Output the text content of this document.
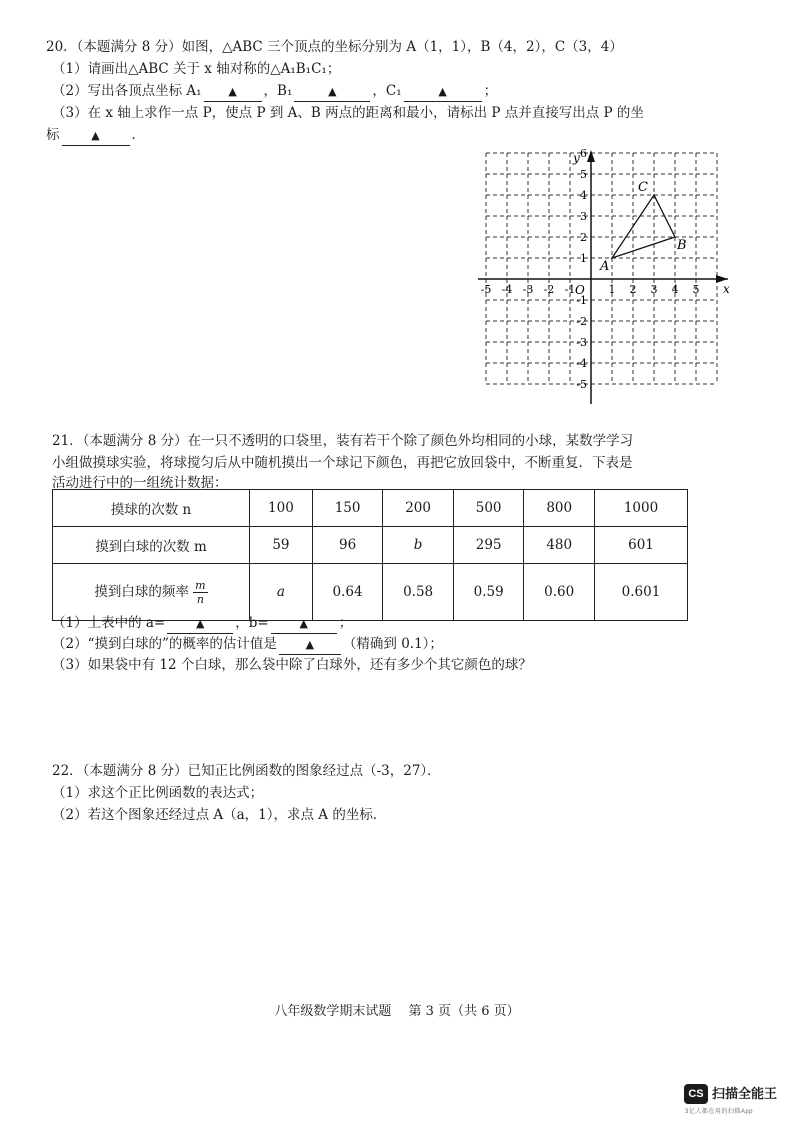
20．（本题满分 8 分）如图，△ABC 三个顶点的坐标分别为 A（1，1），B（4，2），C（3，4）
（1）请画出△ABC 关于 x 轴对称的△A₁B₁C₁；
（2）写出各顶点坐标 A₁ ▲ ，B₁	▲	，C₁	▲	；
（3）在 x 轴上求作一点 P，使点 P 到 A、B 两点的距离和最小，请标出 P 点并直接写出点 P 的坐
标	▲ ．
x
y
O
-5 -4 -3 -2 -1	1 2 3 4 5
6
5
4
3
2
1
-1
-2
-3
-4
-5
A
B
C
21．（本题满分 8 分）在一只不透明的口袋里，装有若干个除了颜色外均相同的小球，某数学学习
小组做摸球实验，将球搅匀后从中随机摸出一个球记下颜色，再把它放回袋中，不断重复．下表是
活动进行中的一组统计数据：
摸球的次数 n	100	150	200	500	800	1000
摸到白球的次数 m	59	96	b	295	480	601
摸到白球的频率 $\frac{m}{n}$	a	0.64	0.58	0.59	0.60	0.601
（1）上表中的 a=	▲ ，b=	▲ ；
（2）“摸到白球的”的概率的估计值是	▲ （精确到 0.1）；
（3）如果袋中有 12 个白球，那么袋中除了白球外，还有多少个其它颜色的球？
22．（本题满分 8 分）已知正比例函数的图象经过点（-3，27）．
（1）求这个正比例函数的表达式；
（2）若这个图象还经过点 A（a，1），求点 A 的坐标．
八年级数学期末试题　 第 3 页（共 6 页）
CS 扫描全能王
3亿人都在用的扫描App
